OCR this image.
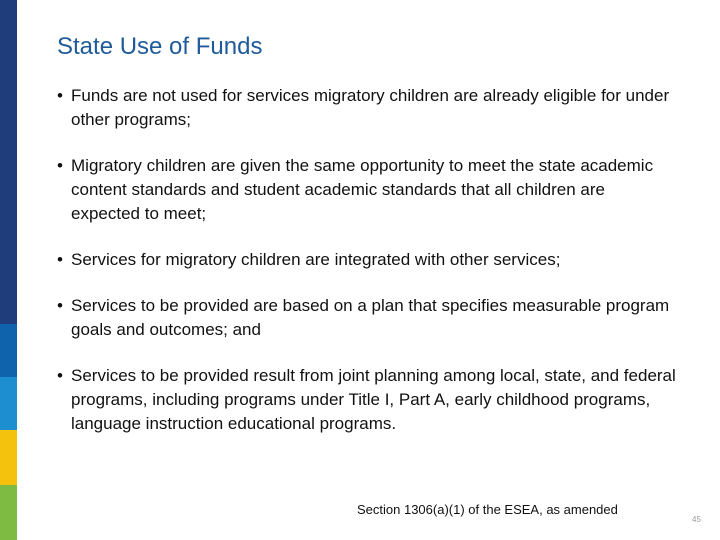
State Use of Funds
• Funds are not used for services migratory children are already eligible for under other programs;
• Migratory children are given the same opportunity to meet the state academic content standards and student academic standards that all children are expected to meet;
• Services for migratory children are integrated with other services;
• Services to be provided are based on a plan that specifies measurable program goals and outcomes; and
• Services to be provided result from joint planning among local, state, and federal programs, including programs under Title I, Part A, early childhood programs, language instruction educational programs.
Section 1306(a)(1) of the ESEA, as amended
45
